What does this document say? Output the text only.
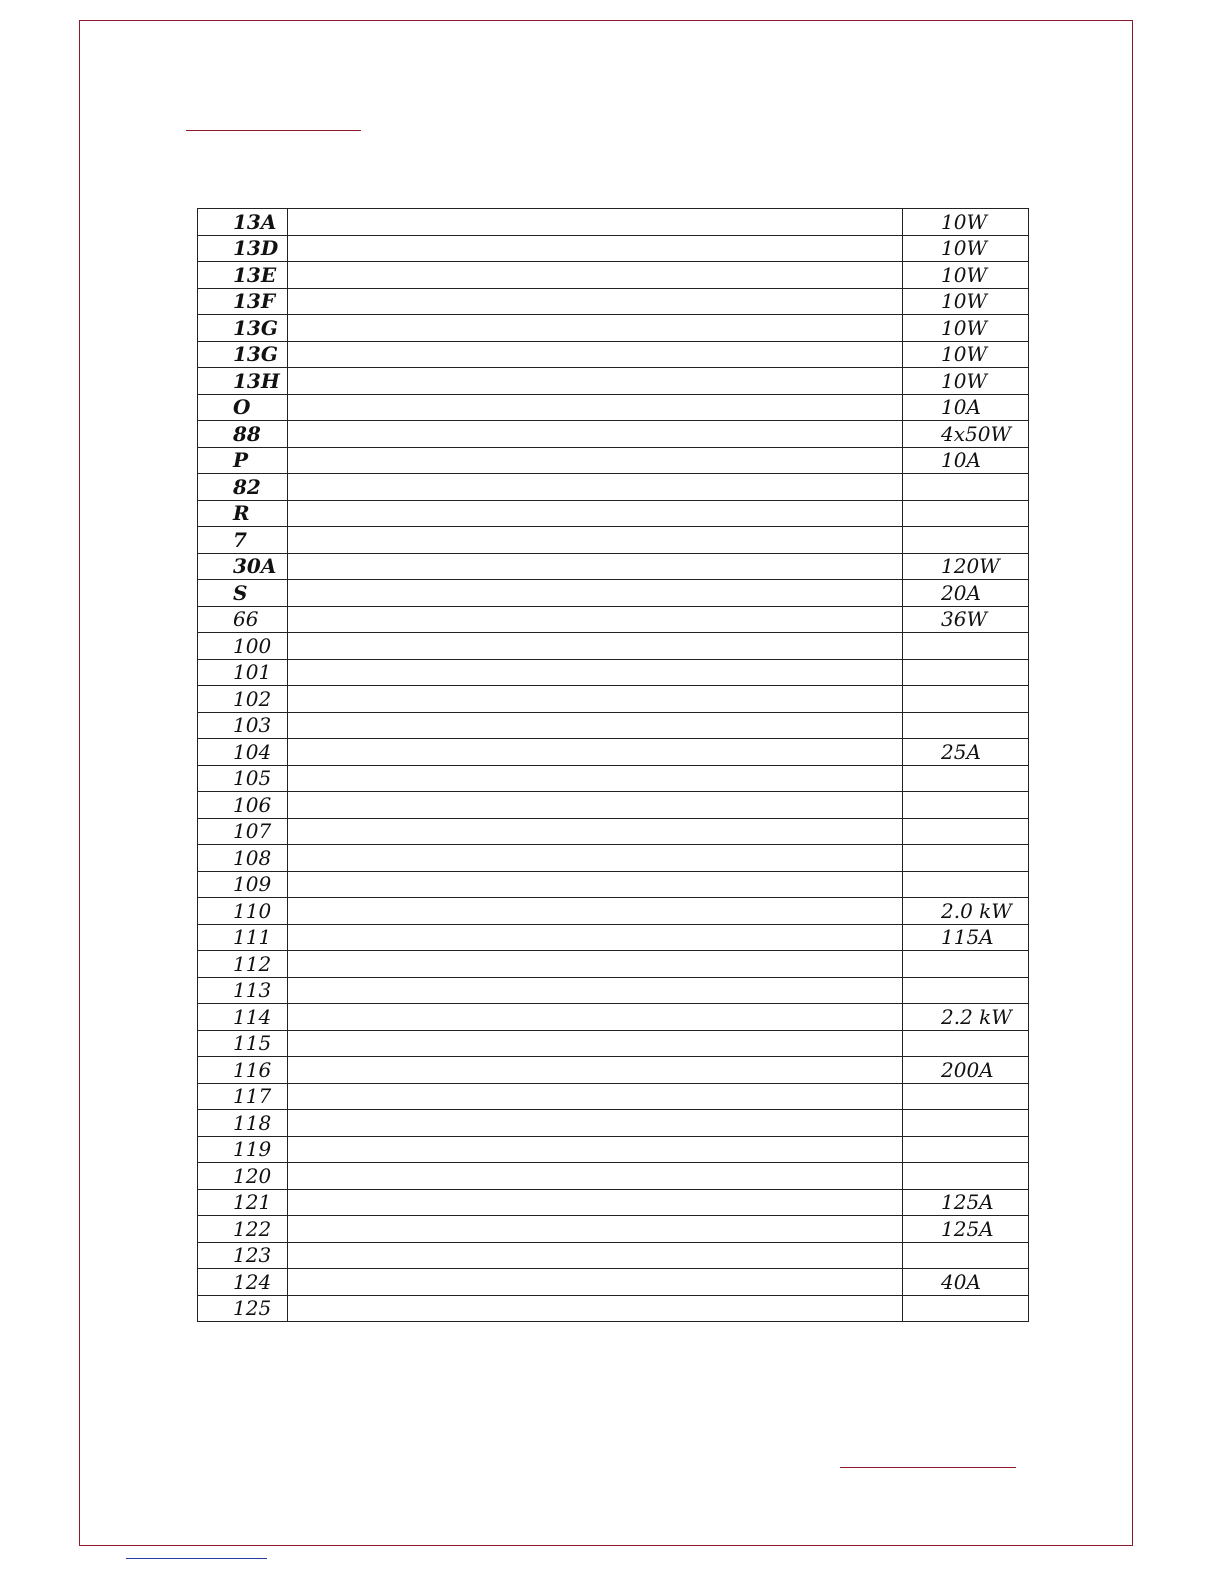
13A		10W
13D		10W
13E		10W
13F		10W
13G		10W
13G		10W
13H		10W
O		10A
88		4x50W
P		10A
82		
R		
7		
30A		120W
S		20A
66		36W
100		
101		
102		
103		
104		25A
105		
106		
107		
108		
109		
110		2.0 kW
111		115A
112		
113		
114		2.2 kW
115		
116		200A
117		
118		
119		
120		
121		125A
122		125A
123		
124		40A
125		
